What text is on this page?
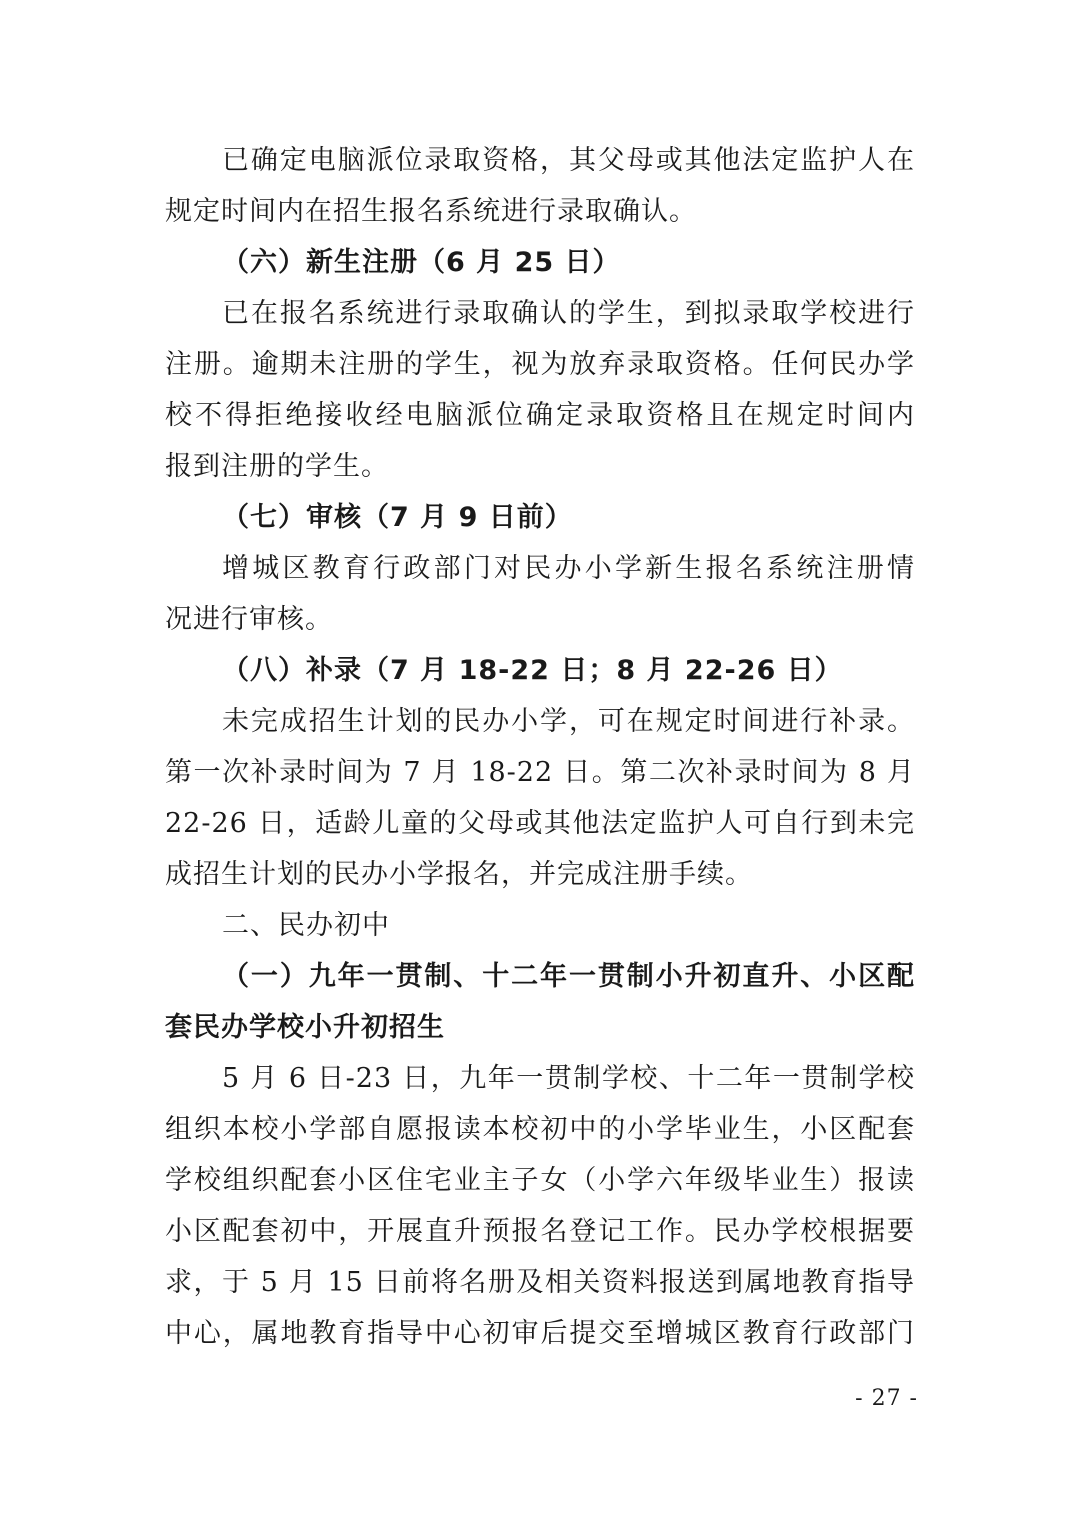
已确定电脑派位录取资格，其父母或其他法定监护人在
规定时间内在招生报名系统进行录取确认。
（六）新生注册（6 月 25 日）
已在报名系统进行录取确认的学生，到拟录取学校进行
注册。逾期未注册的学生，视为放弃录取资格。任何民办学
校不得拒绝接收经电脑派位确定录取资格且在规定时间内
报到注册的学生。
（七）审核（7 月 9 日前）
增城区教育行政部门对民办小学新生报名系统注册情
况进行审核。
（八）补录（7 月 18-22 日；8 月 22-26 日）
未完成招生计划的民办小学，可在规定时间进行补录。
第一次补录时间为 7 月 18-22 日。第二次补录时间为 8 月
22-26 日，适龄儿童的父母或其他法定监护人可自行到未完
成招生计划的民办小学报名，并完成注册手续。
二、民办初中
（一）九年一贯制、十二年一贯制小升初直升、小区配
套民办学校小升初招生
5 月 6 日-23 日，九年一贯制学校、十二年一贯制学校
组织本校小学部自愿报读本校初中的小学毕业生，小区配套
学校组织配套小区住宅业主子女（小学六年级毕业生）报读
小区配套初中，开展直升预报名登记工作。民办学校根据要
求，于 5 月 15 日前将名册及相关资料报送到属地教育指导
中心，属地教育指导中心初审后提交至增城区教育行政部门
- 27 -
